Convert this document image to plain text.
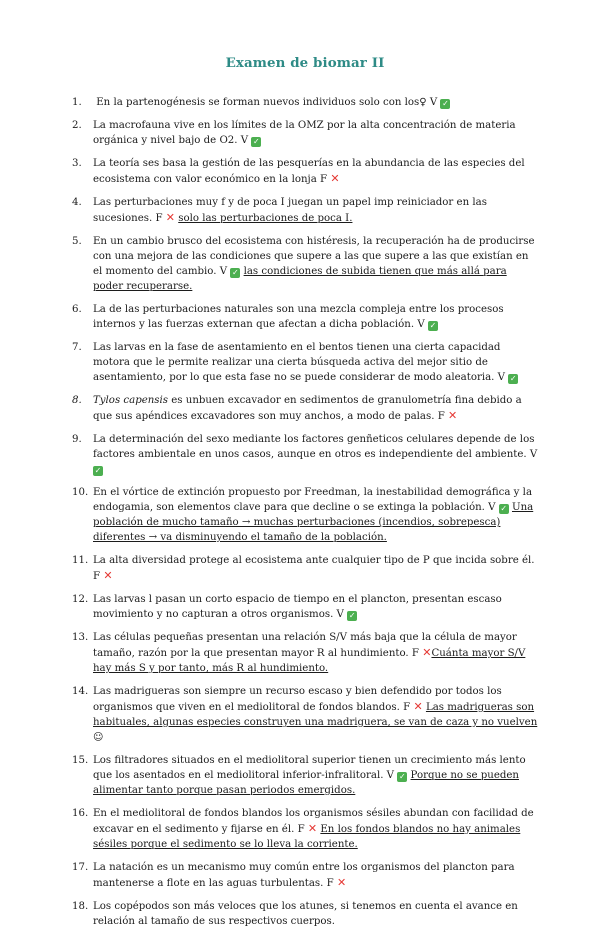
Examen de biomar II
1.	En la partenogénesis se forman nuevos individuos solo con los♀ V ✓
2.	La macrofauna vive en los límites de la OMZ por la alta concentración de materia orgánica y nivel bajo de O2. V ✓
3.	La teoría ses basa la gestión de las pesquerías en la abundancia de las especies del ecosistema con valor económico en la lonja F ✕
4.	Las perturbaciones muy f y de poca I juegan un papel imp reiniciador en las sucesiones. F ✕ solo las perturbaciones de poca I.
5.	En un cambio brusco del ecosistema con histéresis, la recuperación ha de producirse con una mejora de las condiciones que supere a las que supere a las que existían en el momento del cambio. V ✓ las condiciones de subida tienen que más allá para poder recuperarse.
6.	La de las perturbaciones naturales son una mezcla compleja entre los procesos internos y las fuerzas externan que afectan a dicha población. V ✓
7.	Las larvas en la fase de asentamiento en el bentos tienen una cierta capacidad motora que le permite realizar una cierta búsqueda activa del mejor sitio de asentamiento, por lo que esta fase no se puede considerar de modo aleatoria. V ✓
8.	Tylos capensis es unbuen excavador en sedimentos de granulometría fina debido a que sus apéndices excavadores son muy anchos, a modo de palas. F ✕
9.	La determinación del sexo mediante los factores genñeticos celulares depende de los factores ambientale en unos casos, aunque en otros es independiente del ambiente. V ✓
10. En el vórtice de extinción propuesto por Freedman, la inestabilidad demográfica y la endogamia, son elementos clave para que decline o se extinga la población. V ✓ Una población de mucho tamaño → muchas perturbaciones (incendios, sobrepesca) diferentes → va disminuyendo el tamaño de la población.
11. La alta diversidad protege al ecosistema ante cualquier tipo de P que incida sobre él. F ✕
12. Las larvas l pasan un corto espacio de tiempo en el plancton, presentan escaso movimiento y no capturan a otros organismos. V ✓
13. Las células pequeñas presentan una relación S/V más baja que la célula de mayor tamaño, razón por la que presentan mayor R al hundimiento. F ✕Cuánta mayor S/V hay más S y por tanto, más R al hundimiento.
14. Las madrigueras son siempre un recurso escaso y bien defendido por todos los organismos que viven en el mediolitoral de fondos blandos. F ✕ Las madrigueras son habituales, algunas especies construyen una madriguera, se van de caza y no vuelven ☺
15. Los filtradores situados en el mediolitoral superior tienen un crecimiento más lento que los asentados en el mediolitoral inferior-infralitoral. V ✓ Porque no se pueden alimentar tanto porque pasan periodos emergidos.
16. En el mediolitoral de fondos blandos los organismos sésiles abundan con facilidad de excavar en el sedimento y fijarse en él. F ✕ En los fondos blandos no hay animales sésiles porque el sedimento se lo lleva la corriente.
17. La natación es un mecanismo muy común entre los organismos del plancton para mantenerse a flote en las aguas turbulentas. F ✕
18. Los copépodos son más veloces que los atunes, si tenemos en cuenta el avance en relación al tamaño de sus respectivos cuerpos.
